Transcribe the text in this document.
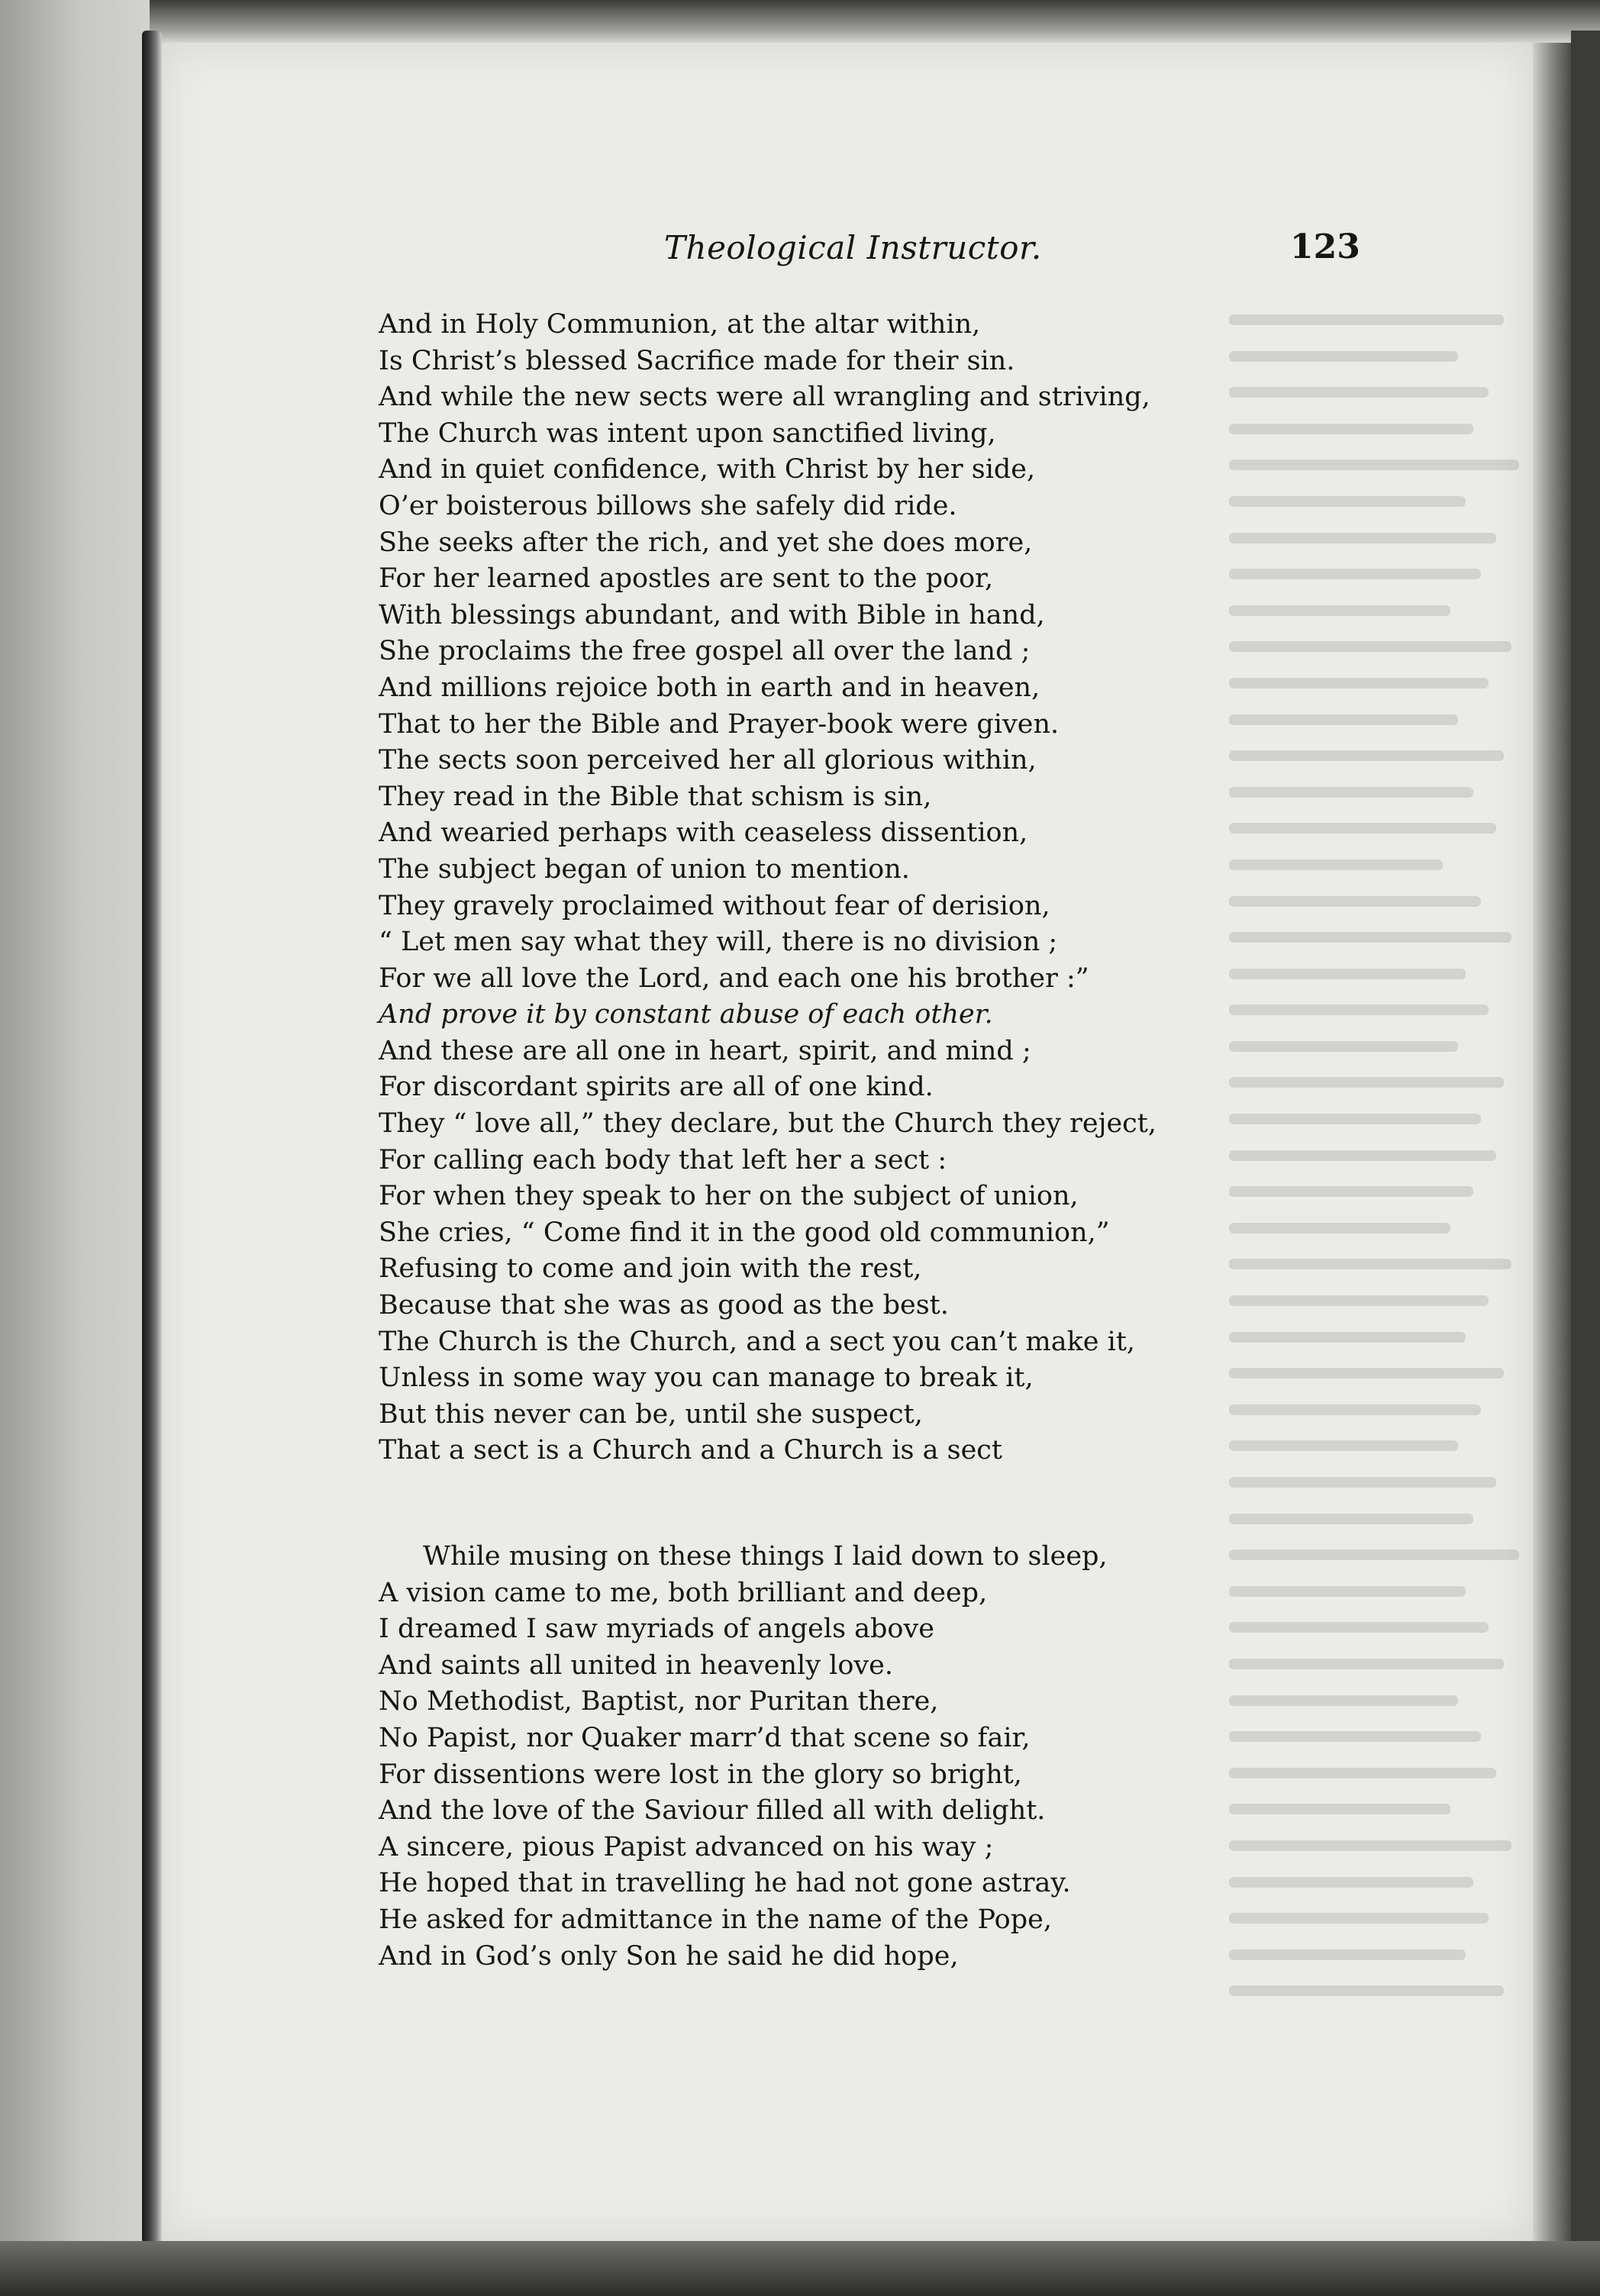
Theological Instructor.	123
And in Holy Communion, at the altar within,
Is Christ’s blessed Sacrifice made for their sin.
And while the new sects were all wrangling and striving,
The Church was intent upon sanctified living,
And in quiet confidence, with Christ by her side,
O’er boisterous billows she safely did ride.
She seeks after the rich, and yet she does more,
For her learned apostles are sent to the poor,
With blessings abundant, and with Bible in hand,
She proclaims the free gospel all over the land ;
And millions rejoice both in earth and in heaven,
That to her the Bible and Prayer-book were given.
The sects soon perceived her all glorious within,
They read in the Bible that schism is sin,
And wearied perhaps with ceaseless dissention,
The subject began of union to mention.
They gravely proclaimed without fear of derision,
“ Let men say what they will, there is no division ;
For we all love the Lord, and each one his brother :”
And prove it by constant abuse of each other.
And these are all one in heart, spirit, and mind ;
For discordant spirits are all of one kind.
They “ love all,” they declare, but the Church they reject,
For calling each body that left her a sect :
For when they speak to her on the subject of union,
She cries, “ Come find it in the good old communion,”
Refusing to come and join with the rest,
Because that she was as good as the best.
The Church is the Church, and a sect you can’t make it,
Unless in some way you can manage to break it,
But this never can be, until she suspect,
That a sect is a Church and a Church is a sect
While musing on these things I laid down to sleep,
A vision came to me, both brilliant and deep,
I dreamed I saw myriads of angels above
And saints all united in heavenly love.
No Methodist, Baptist, nor Puritan there,
No Papist, nor Quaker marr’d that scene so fair,
For dissentions were lost in the glory so bright,
And the love of the Saviour filled all with delight.
A sincere, pious Papist advanced on his way ;
He hoped that in travelling he had not gone astray.
He asked for admittance in the name of the Pope,
And in God’s only Son he said he did hope,
